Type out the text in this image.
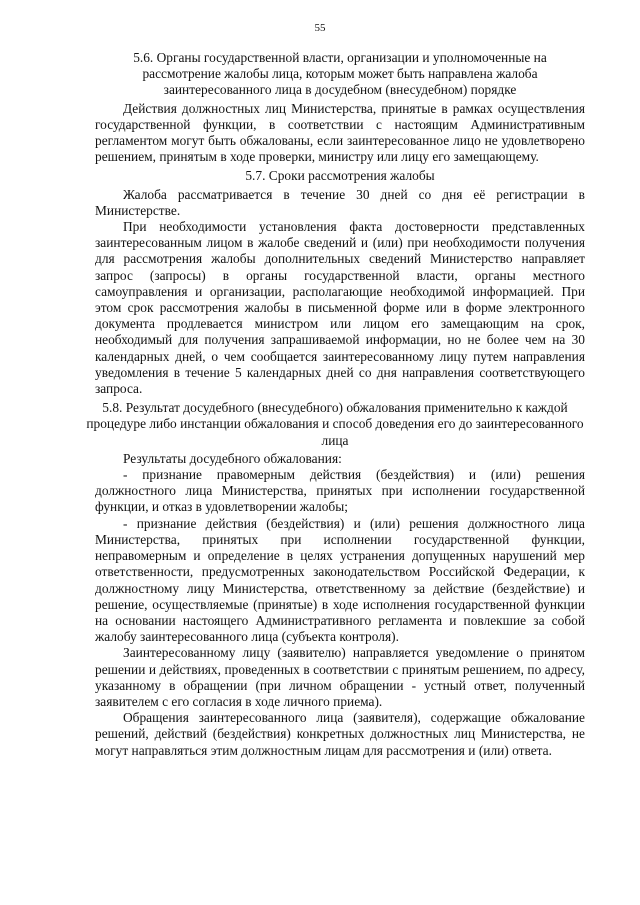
55
5.6. Органы государственной власти, организации и уполномоченные на рассмотрение жалобы лица, которым может быть направлена жалоба заинтересованного лица в досудебном (внесудебном) порядке

Действия должностных лиц Министерства, принятые в рамках осуществления государственной функции, в соответствии с настоящим Административным регламентом могут быть обжалованы, если заинтересованное лицо не удовлетворено решением, принятым в ходе проверки, министру или лицу его замещающему.

5.7. Сроки рассмотрения жалобы

Жалоба рассматривается в течение 30 дней со дня её регистрации в Министерстве.

При необходимости установления факта достоверности представленных заинтересованным лицом в жалобе сведений и (или) при необходимости получения для рассмотрения жалобы дополнительных сведений Министерство направляет запрос (запросы) в органы государственной власти, органы местного самоуправления и организации, располагающие необходимой информацией. При этом срок рассмотрения жалобы в письменной форме или в форме электронного документа продлевается министром или лицом его замещающим на срок, необходимый для получения запрашиваемой информации, но не более чем на 30 календарных дней, о чем сообщается заинтересованному лицу путем направления уведомления в течение 5 календарных дней со дня направления соответствующего запроса.

5.8. Результат досудебного (внесудебного) обжалования применительно к каждой процедуре либо инстанции обжалования и способ доведения его до заинтересованного лица

Результаты досудебного обжалования:

- признание правомерным действия (бездействия) и (или) решения должностного лица Министерства, принятых при исполнении государственной функции, и отказ в удовлетворении жалобы;

- признание действия (бездействия) и (или) решения должностного лица Министерства, принятых при исполнении государственной функции, неправомерным и определение в целях устранения допущенных нарушений мер ответственности, предусмотренных законодательством Российской Федерации, к должностному лицу Министерства, ответственному за действие (бездействие) и решение, осуществляемые (принятые) в ходе исполнения государственной функции на основании настоящего Административного регламента и повлекшие за собой жалобу заинтересованного лица (субъекта контроля).

Заинтересованному лицу (заявителю) направляется уведомление о принятом решении и действиях, проведенных в соответствии с принятым решением, по адресу, указанному в обращении (при личном обращении - устный ответ, полученный заявителем с его согласия в ходе личного приема).

Обращения заинтересованного лица (заявителя), содержащие обжалование решений, действий (бездействия) конкретных должностных лиц Министерства, не могут направляться этим должностным лицам для рассмотрения и (или) ответа.
